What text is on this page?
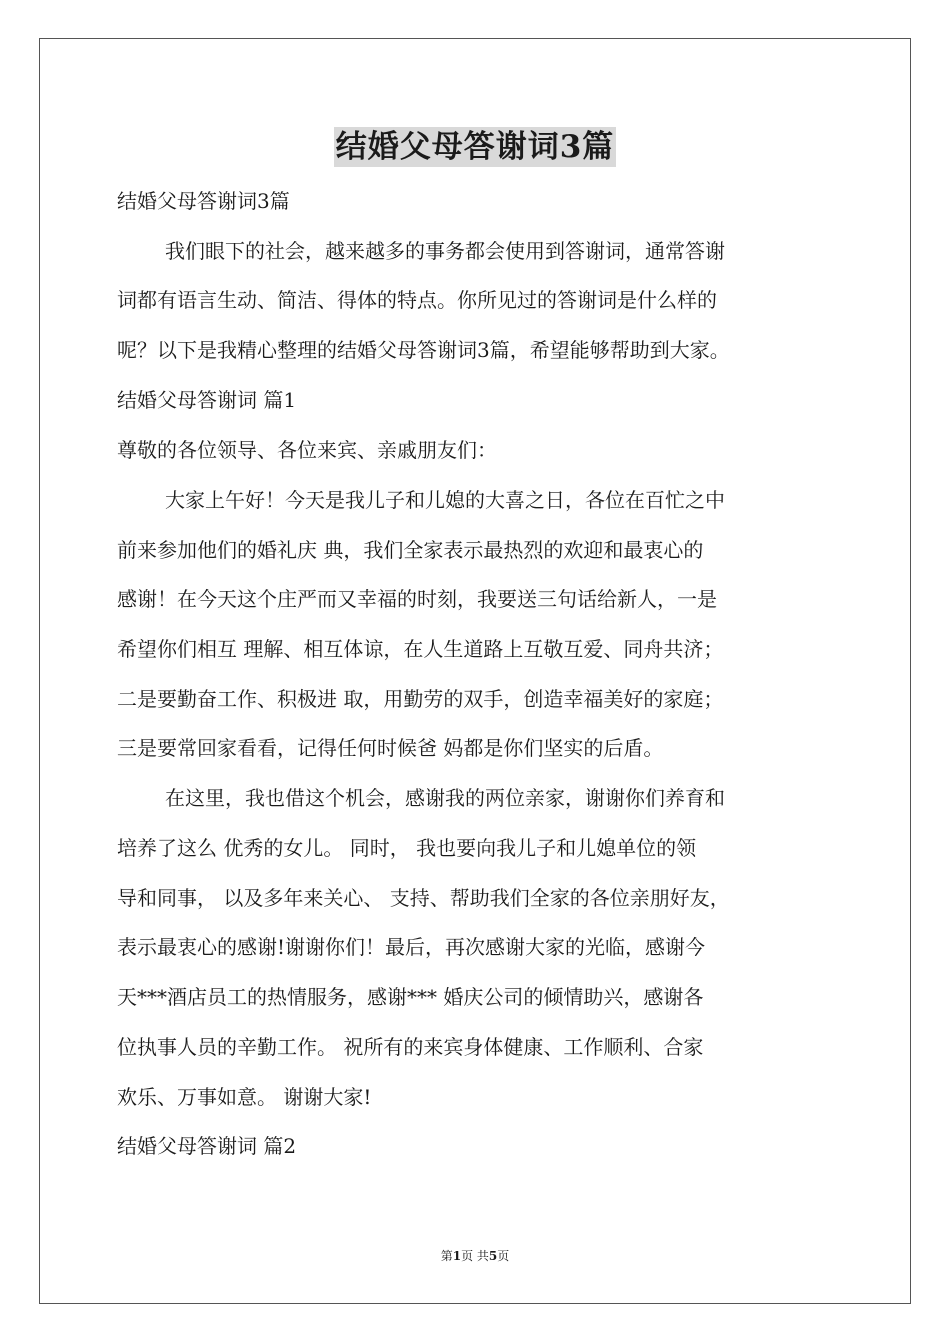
结婚父母答谢词3篇
结婚父母答谢词3篇
我们眼下的社会，越来越多的事务都会使用到答谢词，通常答谢
词都有语言生动、简洁、得体的特点。你所见过的答谢词是什么样的
呢？以下是我精心整理的结婚父母答谢词3篇，希望能够帮助到大家。
结婚父母答谢词 篇1
尊敬的各位领导、各位来宾、亲戚朋友们：
大家上午好！今天是我儿子和儿媳的大喜之日，各位在百忙之中
前来参加他们的婚礼庆 典，我们全家表示最热烈的欢迎和最衷心的
感谢！在今天这个庄严而又幸福的时刻，我要送三句话给新人，一是
希望你们相互 理解、相互体谅，在人生道路上互敬互爱、同舟共济；
二是要勤奋工作、积极进 取，用勤劳的双手，创造幸福美好的家庭；
三是要常回家看看，记得任何时候爸 妈都是你们坚实的后盾。
在这里，我也借这个机会，感谢我的两位亲家，谢谢你们养育和
培养了这么 优秀的女儿。 同时， 我也要向我儿子和儿媳单位的领
导和同事， 以及多年来关心、 支持、帮助我们全家的各位亲朋好友，
表示最衷心的感谢!谢谢你们！最后，再次感谢大家的光临，感谢今
天***酒店员工的热情服务，感谢*** 婚庆公司的倾情助兴，感谢各
位执事人员的辛勤工作。 祝所有的来宾身体健康、工作顺利、合家
欢乐、万事如意。 谢谢大家!
结婚父母答谢词 篇2
第1页 共5页
